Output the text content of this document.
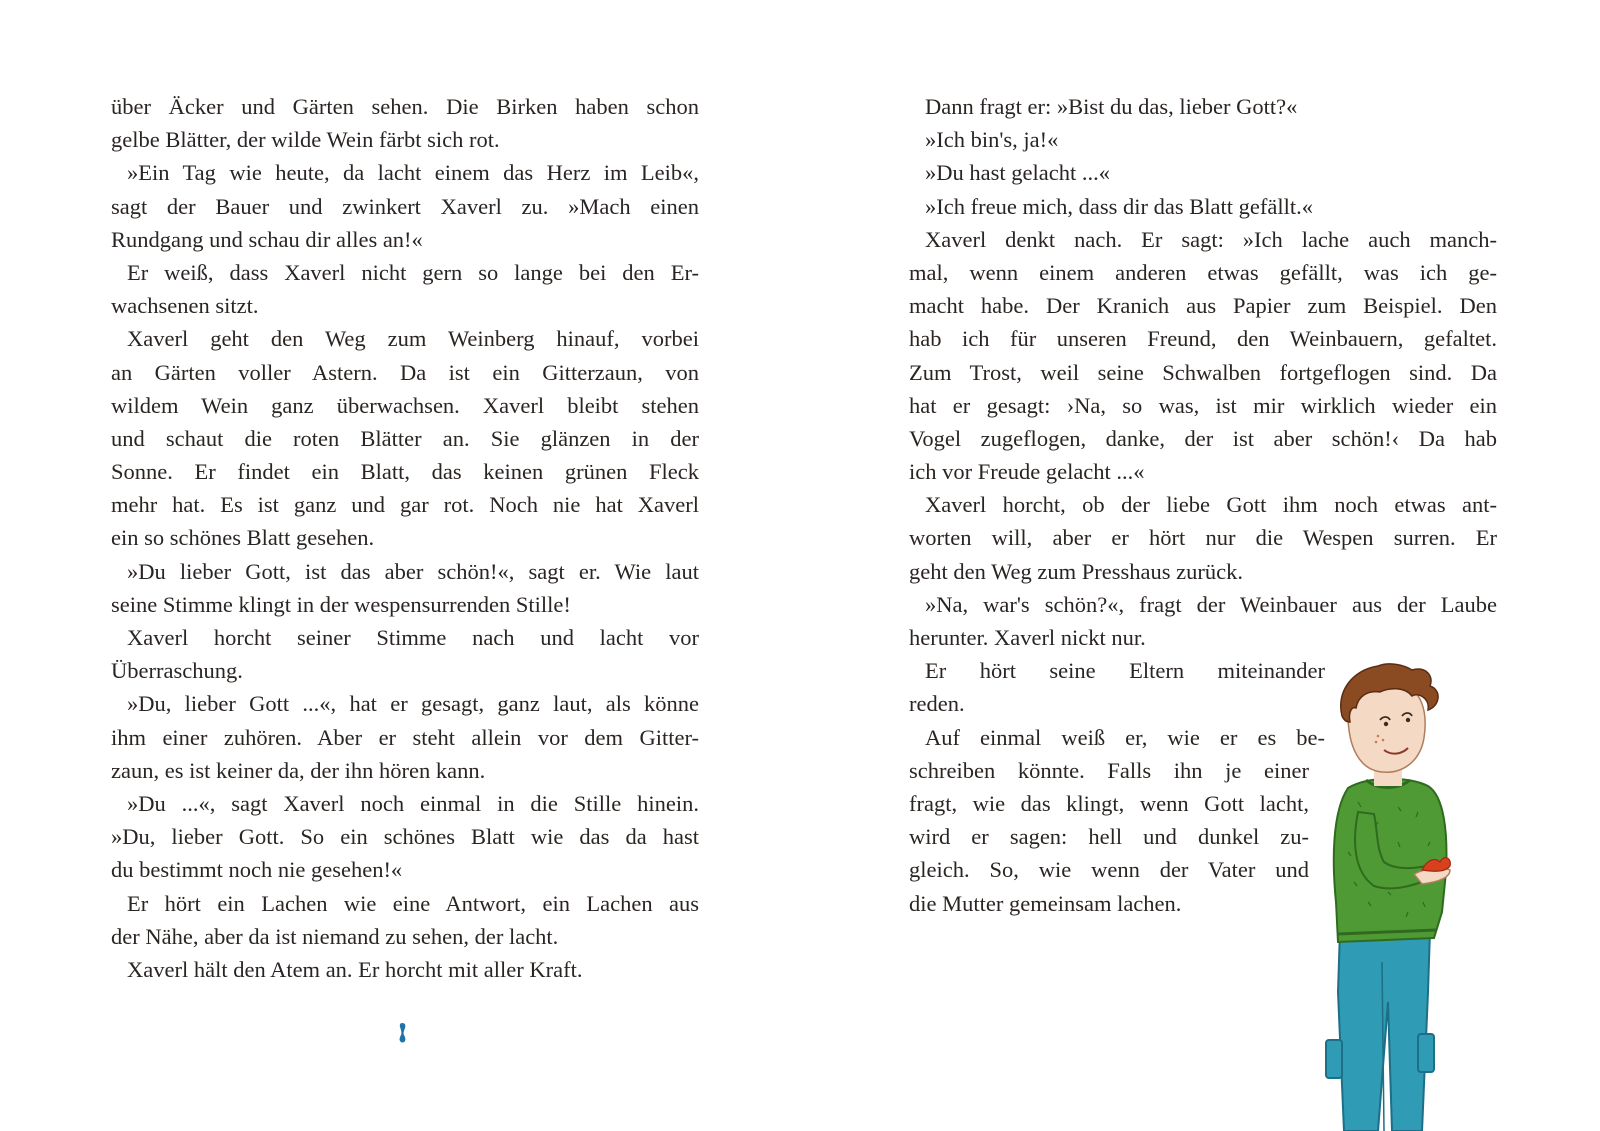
über Äcker und Gärten sehen. Die Birken haben schon
gelbe Blätter, der wilde Wein färbt sich rot.
»Ein Tag wie heute, da lacht einem das Herz im Leib«,
sagt der Bauer und zwinkert Xaverl zu. »Mach einen
Rundgang und schau dir alles an!«
Er weiß, dass Xaverl nicht gern so lange bei den Er-
wachsenen sitzt.
Xaverl geht den Weg zum Weinberg hinauf, vorbei
an Gärten voller Astern. Da ist ein Gitterzaun, von
wildem Wein ganz überwachsen. Xaverl bleibt stehen
und schaut die roten Blätter an. Sie glänzen in der
Sonne. Er findet ein Blatt, das keinen grünen Fleck
mehr hat. Es ist ganz und gar rot. Noch nie hat Xaverl
ein so schönes Blatt gesehen.
»Du lieber Gott, ist das aber schön!«, sagt er. Wie laut
seine Stimme klingt in der wespensurrenden Stille!
Xaverl horcht seiner Stimme nach und lacht vor
Überraschung.
»Du, lieber Gott ...«, hat er gesagt, ganz laut, als könne
ihm einer zuhören. Aber er steht allein vor dem Gitter-
zaun, es ist keiner da, der ihn hören kann.
»Du ...«, sagt Xaverl noch einmal in die Stille hinein.
»Du, lieber Gott. So ein schönes Blatt wie das da hast
du bestimmt noch nie gesehen!«
Er hört ein Lachen wie eine Antwort, ein Lachen aus
der Nähe, aber da ist niemand zu sehen, der lacht.
Xaverl hält den Atem an. Er horcht mit aller Kraft.
8
Dann fragt er: »Bist du das, lieber Gott?«
»Ich bin's, ja!«
»Du hast gelacht ...«
»Ich freue mich, dass dir das Blatt gefällt.«
Xaverl denkt nach. Er sagt: »Ich lache auch manch-
mal, wenn einem anderen etwas gefällt, was ich ge-
macht habe. Der Kranich aus Papier zum Beispiel. Den
hab ich für unseren Freund, den Weinbauern, gefaltet.
Zum Trost, weil seine Schwalben fortgeflogen sind. Da
hat er gesagt: ›Na, so was, ist mir wirklich wieder ein
Vogel zugeflogen, danke, der ist aber schön!‹ Da hab
ich vor Freude gelacht ...«
Xaverl horcht, ob der liebe Gott ihm noch etwas ant-
worten will, aber er hört nur die Wespen surren. Er
geht den Weg zum Presshaus zurück.
»Na, war's schön?«, fragt der Weinbauer aus der Laube
herunter. Xaverl nickt nur.
Er hört seine Eltern miteinander
reden.
Auf einmal weiß er, wie er es be-
schreiben könnte. Falls ihn je einer
fragt, wie das klingt, wenn Gott lacht,
wird er sagen: hell und dunkel zu-
gleich. So, wie wenn der Vater und
die Mutter gemeinsam lachen.
